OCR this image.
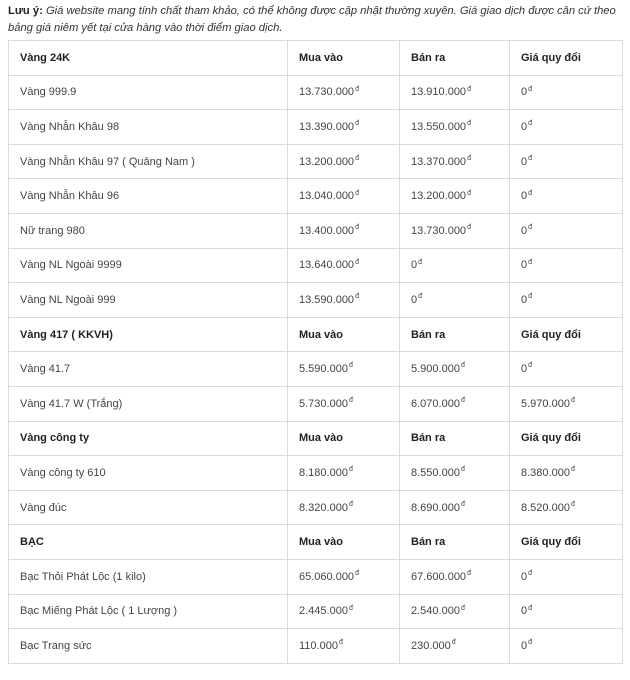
Lưu ý: Giá website mang tính chất tham khảo, có thể không được cập nhật thường xuyên. Giá giao dịch được căn cứ theo bảng giá niêm yết tại cửa hàng vào thời điểm giao dịch.
Vàng 24K	Mua vào	Bán ra	Giá quy đổi
Vàng 999.9	$13.730.000^đ$	$13.910.000^đ$	$0^đ$
Vàng Nhẫn Khâu 98	$13.390.000^đ$	$13.550.000^đ$	$0^đ$
Vàng Nhẫn Khâu 97 ( Quảng Nam )	$13.200.000^đ$	$13.370.000^đ$	$0^đ$
Vàng Nhẫn Khâu 96	$13.040.000^đ$	$13.200.000^đ$	$0^đ$
Nữ trang 980	$13.400.000^đ$	$13.730.000^đ$	$0^đ$
Vàng NL Ngoài 9999	$13.640.000^đ$	$0^đ$	$0^đ$
Vàng NL Ngoài 999	$13.590.000^đ$	$0^đ$	$0^đ$
Vàng 417 ( KKVH)	Mua vào	Bán ra	Giá quy đổi
Vàng 41.7	$5.590.000^đ$	$5.900.000^đ$	$0^đ$
Vàng 41.7 W (Trắng)	$5.730.000^đ$	$6.070.000^đ$	$5.970.000^đ$
Vàng công ty	Mua vào	Bán ra	Giá quy đổi
Vàng công ty 610	$8.180.000^đ$	$8.550.000^đ$	$8.380.000^đ$
Vàng đúc	$8.320.000^đ$	$8.690.000^đ$	$8.520.000^đ$
BẠC	Mua vào	Bán ra	Giá quy đổi
Bạc Thỏi Phát Lộc (1 kilo)	$65.060.000^đ$	$67.600.000^đ$	$0^đ$
Bạc Miếng Phát Lộc ( 1 Lượng )	$2.445.000^đ$	$2.540.000^đ$	$0^đ$
Bạc Trang sức	$110.000^đ$	$230.000^đ$	$0^đ$
